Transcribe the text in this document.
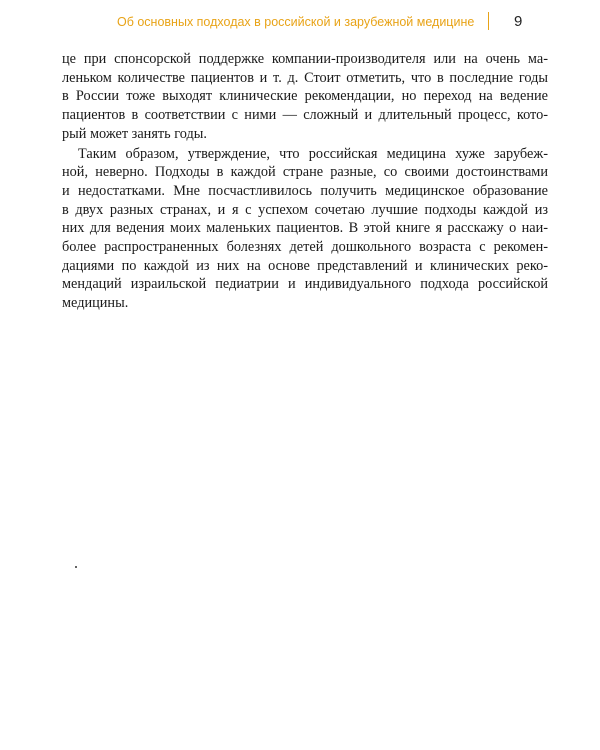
Об основных подходах в российской и зарубежной медицине	9
це при спонсорской поддержке компании-производителя или на очень ма-
леньком количестве пациентов и т. д. Стоит отметить, что в последние годы
в России тоже выходят клинические рекомендации, но переход на ведение
пациентов в соответствии с ними — сложный и длительный процесс, кото-
рый может занять годы.
Таким образом, утверждение, что российская медицина хуже зарубеж-
ной, неверно. Подходы в каждой стране разные, со своими достоинствами
и недостатками. Мне посчастливилось получить медицинское образование
в двух разных странах, и я с успехом сочетаю лучшие подходы каждой из
них для ведения моих маленьких пациентов. В этой книге я расскажу о наи-
более распространенных болезнях детей дошкольного возраста с рекомен-
дациями по каждой из них на основе представлений и клинических реко-
мендаций израильской педиатрии и индивидуального подхода российской
медицины.
